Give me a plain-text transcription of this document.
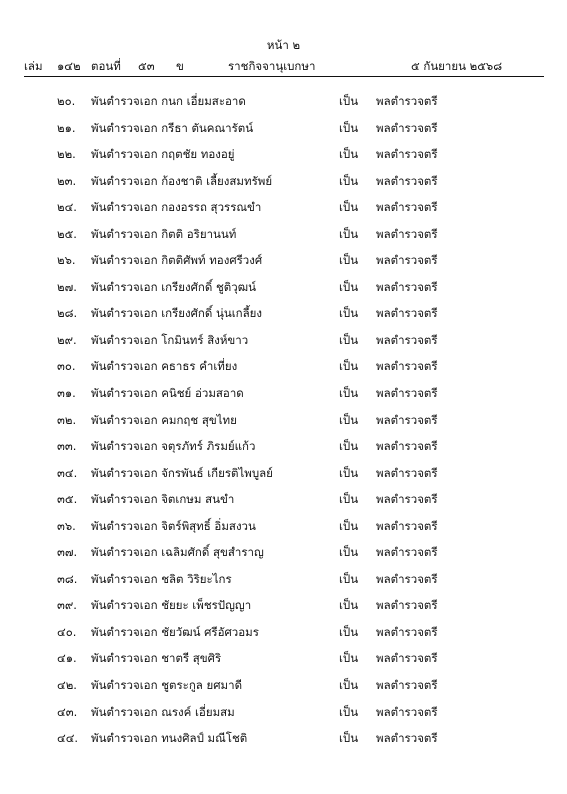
หน้า ๒
เล่ม ๑๔๒ ตอนที่ ๕๓ ข	ราชกิจจานุเบกษา	๕ กันยายน ๒๕๖๘
๒๐. พันตำรวจเอก กนก เอี่ยมสะอาด	เป็น พลตำรวจตรี
๒๑. พันตำรวจเอก กรีธา ตันคณารัตน์	เป็น พลตำรวจตรี
๒๒. พันตำรวจเอก กฤตชัย ทองอยู่	เป็น พลตำรวจตรี
๒๓. พันตำรวจเอก ก้องชาติ เลี้ยงสมทรัพย์	เป็น พลตำรวจตรี
๒๔. พันตำรวจเอก กองอรรถ สุวรรณขำ	เป็น พลตำรวจตรี
๒๕. พันตำรวจเอก กิตติ อริยานนท์	เป็น พลตำรวจตรี
๒๖. พันตำรวจเอก กิตติศัพท์ ทองศรีวงศ์	เป็น พลตำรวจตรี
๒๗. พันตำรวจเอก เกรียงศักดิ์ ชูติวุฒน์	เป็น พลตำรวจตรี
๒๘. พันตำรวจเอก เกรียงศักดิ์ นุ่นเกลี้ยง	เป็น พลตำรวจตรี
๒๙. พันตำรวจเอก โกมินทร์ สิงห์ขาว	เป็น พลตำรวจตรี
๓๐. พันตำรวจเอก คธาธร คำเที่ยง	เป็น พลตำรวจตรี
๓๑. พันตำรวจเอก คนิชย์ อ่วมสอาด	เป็น พลตำรวจตรี
๓๒. พันตำรวจเอก คมกฤช สุขไทย	เป็น พลตำรวจตรี
๓๓. พันตำรวจเอก จตุรภัทร์ ภิรมย์แก้ว	เป็น พลตำรวจตรี
๓๔. พันตำรวจเอก จักรพันธ์ เกียรติไพบูลย์	เป็น พลตำรวจตรี
๓๕. พันตำรวจเอก จิตเกษม สนขำ	เป็น พลตำรวจตรี
๓๖. พันตำรวจเอก จิตร์พิสุทธิ์ อิ่มสงวน	เป็น พลตำรวจตรี
๓๗. พันตำรวจเอก เฉลิมศักดิ์ สุขสำราญ	เป็น พลตำรวจตรี
๓๘. พันตำรวจเอก ชลิต วิริยะไกร	เป็น พลตำรวจตรี
๓๙. พันตำรวจเอก ชัยยะ เพ็ชรปัญญา	เป็น พลตำรวจตรี
๔๐. พันตำรวจเอก ชัยวัฒน์ ศรีอัศวอมร	เป็น พลตำรวจตรี
๔๑. พันตำรวจเอก ชาตรี สุขศิริ	เป็น พลตำรวจตรี
๔๒. พันตำรวจเอก ชูตระกูล ยศมาดี	เป็น พลตำรวจตรี
๔๓. พันตำรวจเอก ณรงค์ เอี่ยมสม	เป็น พลตำรวจตรี
๔๔. พันตำรวจเอก ทนงศิลป์ มณีโชติ	เป็น พลตำรวจตรี
